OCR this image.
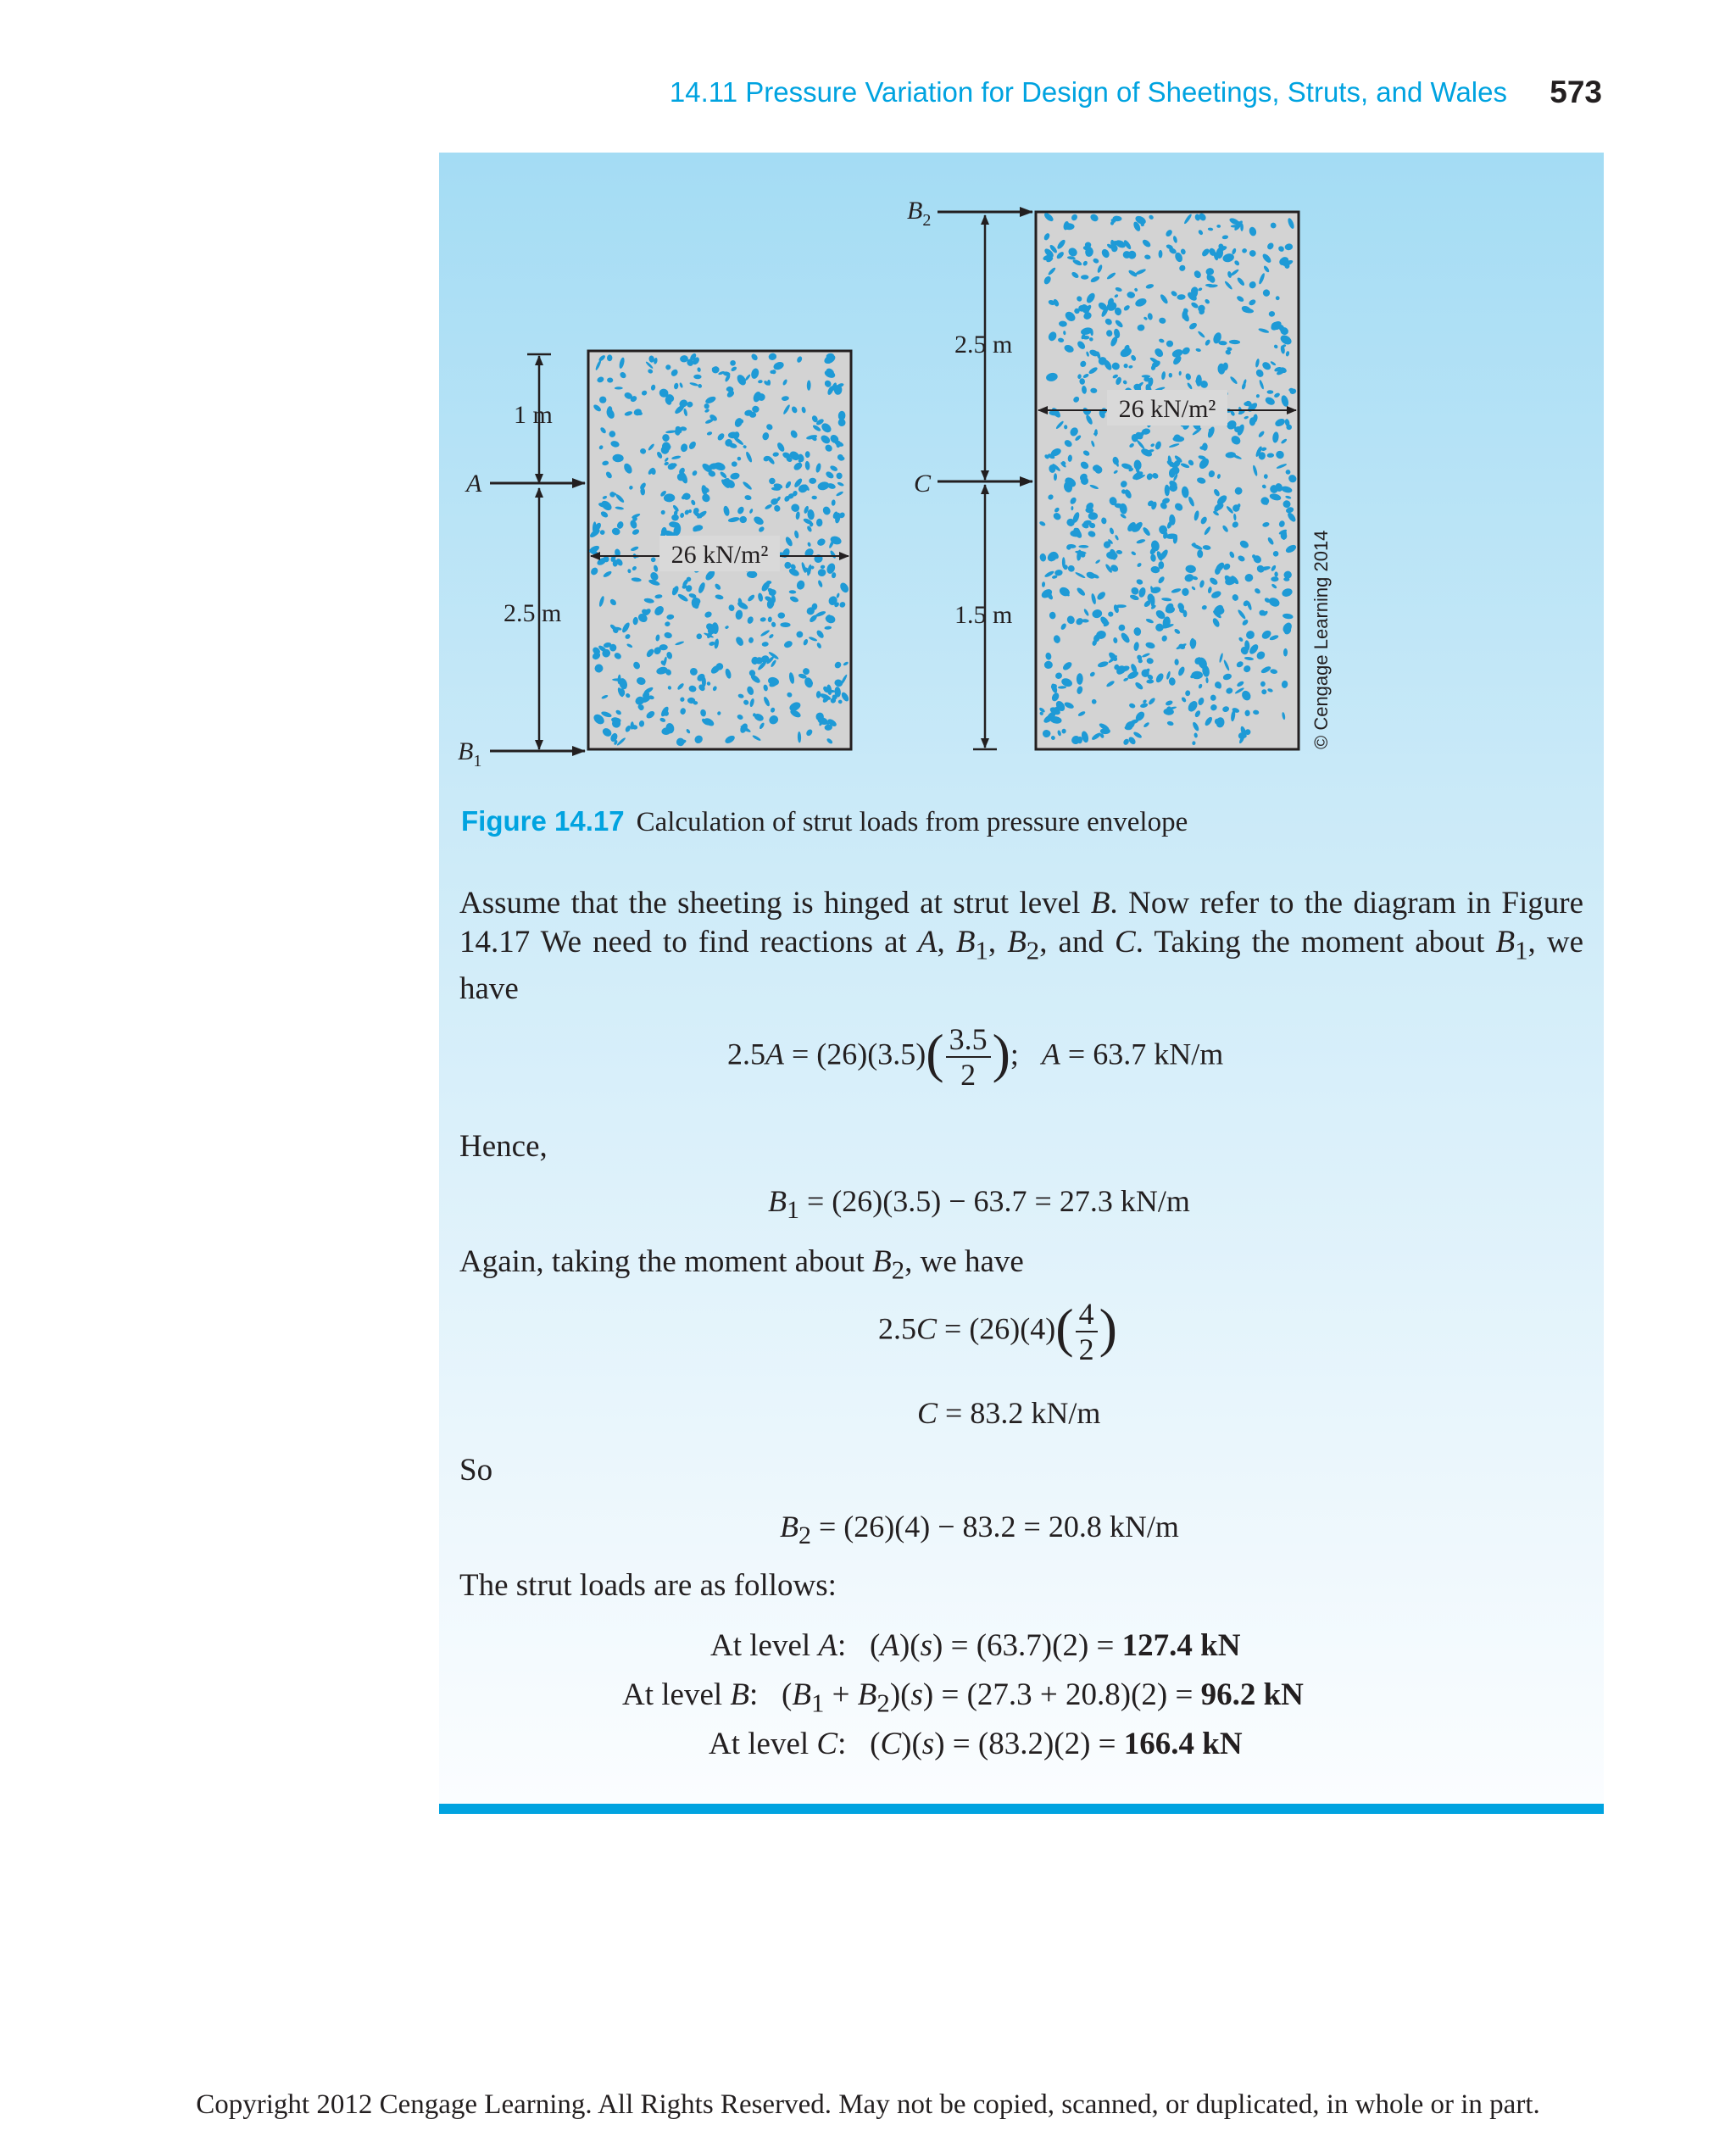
14.11 Pressure Variation for Design of Sheetings, Struts, and Wales 573
1 m
2.5 m
A
$B_1$
26 kN/m²
2.5 m
1.5 m
$B_2$
C
26 kN/m²
© Cengage Learning 2014
Figure 14.17 Calculation of strut loads from pressure envelope
Assume that the sheeting is hinged at strut level B. Now refer to the diagram in Figure 14.17 We need to find reactions at A, $B_1$, $B_2$, and C. Taking the moment about $B_1$, we have
$2.5A = (26)(3.5)( \frac{3.5}{2}$ ); A = 63.7 kN/m
Hence,
$B_1 = (26)(3.5) - 63.7 = 27.3$ kN/m
Again, taking the moment about $B_2$, we have
$2.5C = (26)(4)( \frac{4}{2}$ )
C = 83.2 kN/m
So
$B_2 = (26)(4) - 83.2 = 20.8$ kN/m
The strut loads are as follows:
At level A: (A)(s) = (63.7)(2) = 127.4 kN
At level B: $(B_1 + B_2)(s) = (27.3 + 20.8)(2) = 96.2$ kN
At level C: (C)(s) = (83.2)(2) = 166.4 kN
Copyright 2012 Cengage Learning. All Rights Reserved. May not be copied, scanned, or duplicated, in whole or in part.
